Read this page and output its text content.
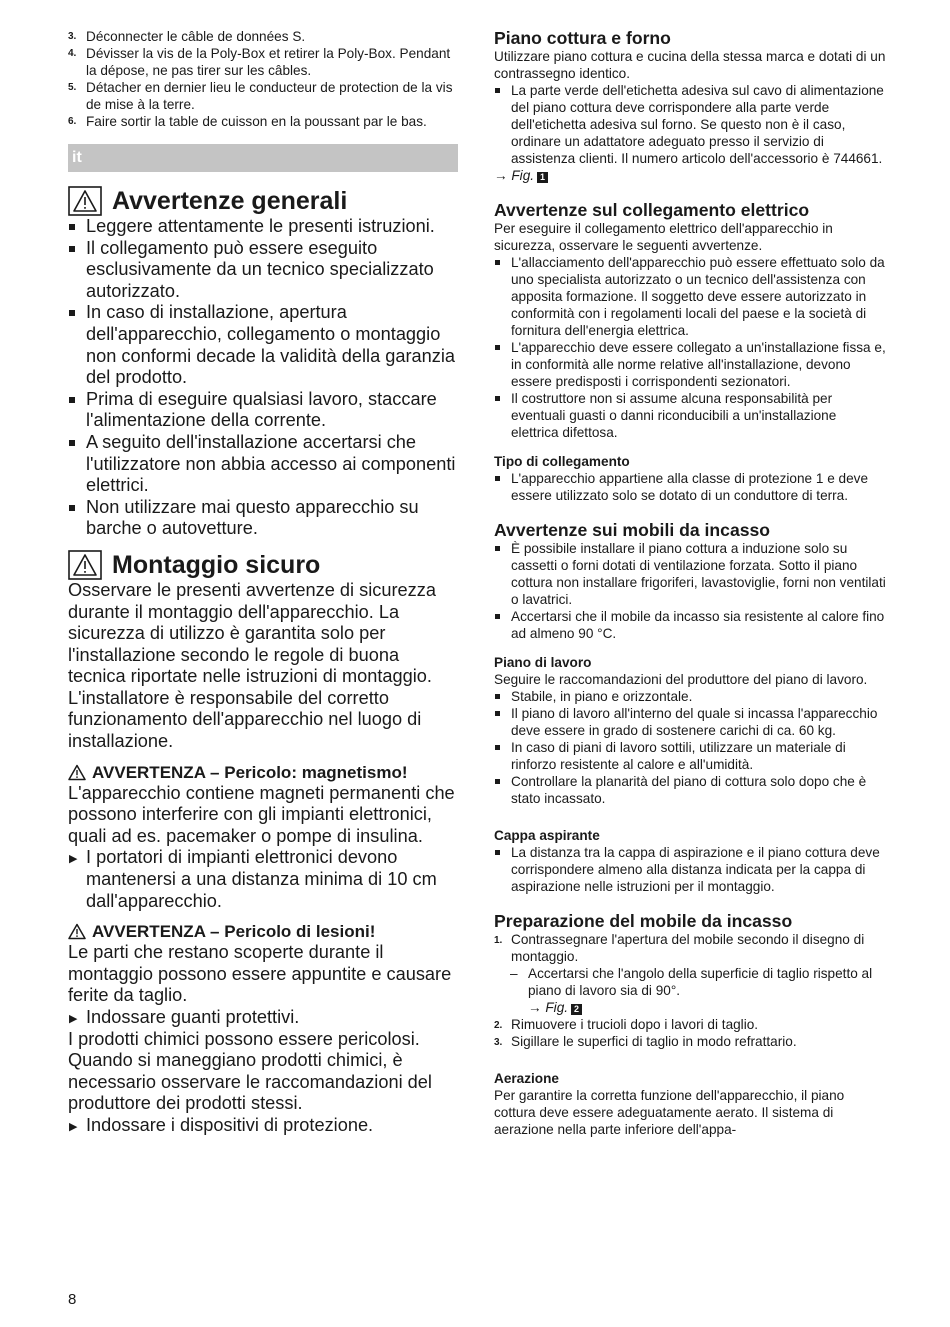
3. Déconnecter le câble de données S.
4. Dévisser la vis de la Poly-Box et retirer la Poly-Box. Pendant la dépose, ne pas tirer sur les câbles.
5. Détacher en dernier lieu le conducteur de protection de la vis de mise à la terre.
6. Faire sortir la table de cuisson en la poussant par le bas.
it
Avvertenze generali
Leggere attentamente le presenti istruzioni.
Il collegamento può essere eseguito esclusivamente da un tecnico specializzato autorizzato.
In caso di installazione, apertura dell'apparecchio, collegamento o montaggio non conformi decade la validità della garanzia del prodotto.
Prima di eseguire qualsiasi lavoro, staccare l'alimentazione della corrente.
A seguito dell'installazione accertarsi che l'utilizzatore non abbia accesso ai componenti elettrici.
Non utilizzare mai questo apparecchio su barche o autovetture.
Montaggio sicuro

Osservare le presenti avvertenze di sicurezza durante il montaggio dell'apparecchio. La sicurezza di utilizzo è garantita solo per l'installazione secondo le regole di buona tecnica riportate nelle istruzioni di montaggio. L'installatore è responsabile del corretto funzionamento dell'apparecchio nel luogo di installazione.

AVVERTENZA – Pericolo: magnetismo!

L'apparecchio contiene magneti permanenti che possono interferire con gli impianti elettronici, quali ad es. pacemaker o pompe di insulina.

▶ I portatori di impianti elettronici devono mantenersi a una distanza minima di 10 cm dall'apparecchio.
AVVERTENZA – Pericolo di lesioni!

Le parti che restano scoperte durante il montaggio possono essere appuntite e causare ferite da taglio.

▶ Indossare guanti protettivi.

I prodotti chimici possono essere pericolosi. Quando si maneggiano prodotti chimici, è necessario osservare le raccomandazioni del produttore dei prodotti stessi.

▶ Indossare i dispositivi di protezione.
Piano cottura e forno

Utilizzare piano cottura e cucina della stessa marca e dotati di un contrassegno identico.

La parte verde dell'etichetta adesiva sul cavo di alimentazione del piano cottura deve corrispondere alla parte verde dell'etichetta adesiva sul forno. Se questo non è il caso, ordinare un adattatore adeguato presso il servizio di assistenza clienti. Il numero articolo dell'accessorio è 744661.

→ Fig. 1

Avvertenze sul collegamento elettrico

Per eseguire il collegamento elettrico dell'apparecchio in sicurezza, osservare le seguenti avvertenze.

L'allacciamento dell'apparecchio può essere effettuato solo da uno specialista autorizzato o un tecnico dell'assistenza con apposita formazione. Il soggetto deve essere autorizzato in conformità con i regolamenti locali del paese e la società di fornitura dell'energia elettrica.
L'apparecchio deve essere collegato a un'installazione fissa e, in conformità alle norme relative all'installazione, devono essere predisposti i corrispondenti sezionatori.
Il costruttore non si assume alcuna responsabilità per eventuali guasti o danni riconducibili a un'installazione elettrica difettosa.
Tipo di collegamento
L'apparecchio appartiene alla classe di protezione 1 e deve essere utilizzato solo se dotato di un conduttore di terra.
Avvertenze sui mobili da incasso
È possibile installare il piano cottura a induzione solo su cassetti o forni dotati di ventilazione forzata. Sotto il piano cottura non installare frigoriferi, lavastoviglie, forni non ventilati o lavatrici.
Accertarsi che il mobile da incasso sia resistente al calore fino ad almeno 90 °C.
Piano di lavoro

Seguire le raccomandazioni del produttore del piano di lavoro.

Stabile, in piano e orizzontale.
Il piano di lavoro all'interno del quale si incassa l'apparecchio deve essere in grado di sostenere carichi di ca. 60 kg.
In caso di piani di lavoro sottili, utilizzare un materiale di rinforzo resistente al calore e all'umidità.
Controllare la planarità del piano di cottura solo dopo che è stato incassato.
Cappa aspirante
La distanza tra la cappa di aspirazione e il piano cottura deve corrispondere almeno alla distanza indicata per la cappa di aspirazione nelle istruzioni per il montaggio.
Preparazione del mobile da incasso
1. Contrassegnare l'apertura del mobile secondo il disegno di montaggio.
– Accertarsi che l'angolo della superficie di taglio rispetto al piano di lavoro sia di 90°.
→ Fig. 2
2. Rimuovere i trucioli dopo i lavori di taglio.
3. Sigillare le superfici di taglio in modo refrattario.
Aerazione

Per garantire la corretta funzione dell'apparecchio, il piano cottura deve essere adeguatamente aerato. Il sistema di aerazione nella parte inferiore dell'appa-

8
